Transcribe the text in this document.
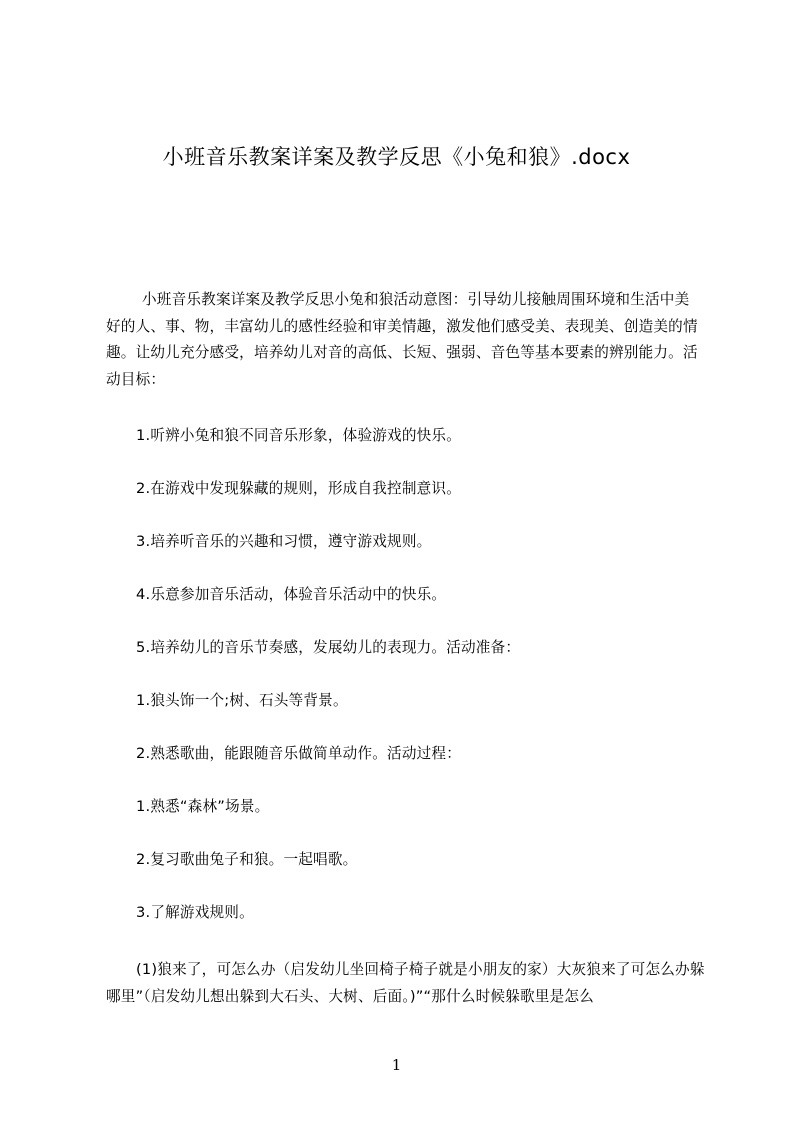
小班音乐教案详案及教学反思《小兔和狼》.docx
小班音乐教案详案及教学反思小兔和狼活动意图：引导幼儿接触周围环境和生活中美好的人、事、物，丰富幼儿的感性经验和审美情趣，激发他们感受美、表现美、创造美的情趣。让幼儿充分感受，培养幼儿对音的高低、长短、强弱、音色等基本要素的辨别能力。活动目标：
1.听辨小兔和狼不同音乐形象，体验游戏的快乐。
2.在游戏中发现躲藏的规则，形成自我控制意识。
3.培养听音乐的兴趣和习惯，遵守游戏规则。
4.乐意参加音乐活动，体验音乐活动中的快乐。
5.培养幼儿的音乐节奏感，发展幼儿的表现力。活动准备：
1.狼头饰一个;树、石头等背景。
2.熟悉歌曲，能跟随音乐做简单动作。活动过程：
1.熟悉“森林”场景。
2.复习歌曲兔子和狼。一起唱歌。
3.了解游戏规则。
(1)狼来了，可怎么办（启发幼儿坐回椅子椅子就是小朋友的家）大灰狼来了可怎么办躲哪里”（启发幼儿想出躲到大石头、大树、后面。)”“那什么时候躲歌里是怎么
1
